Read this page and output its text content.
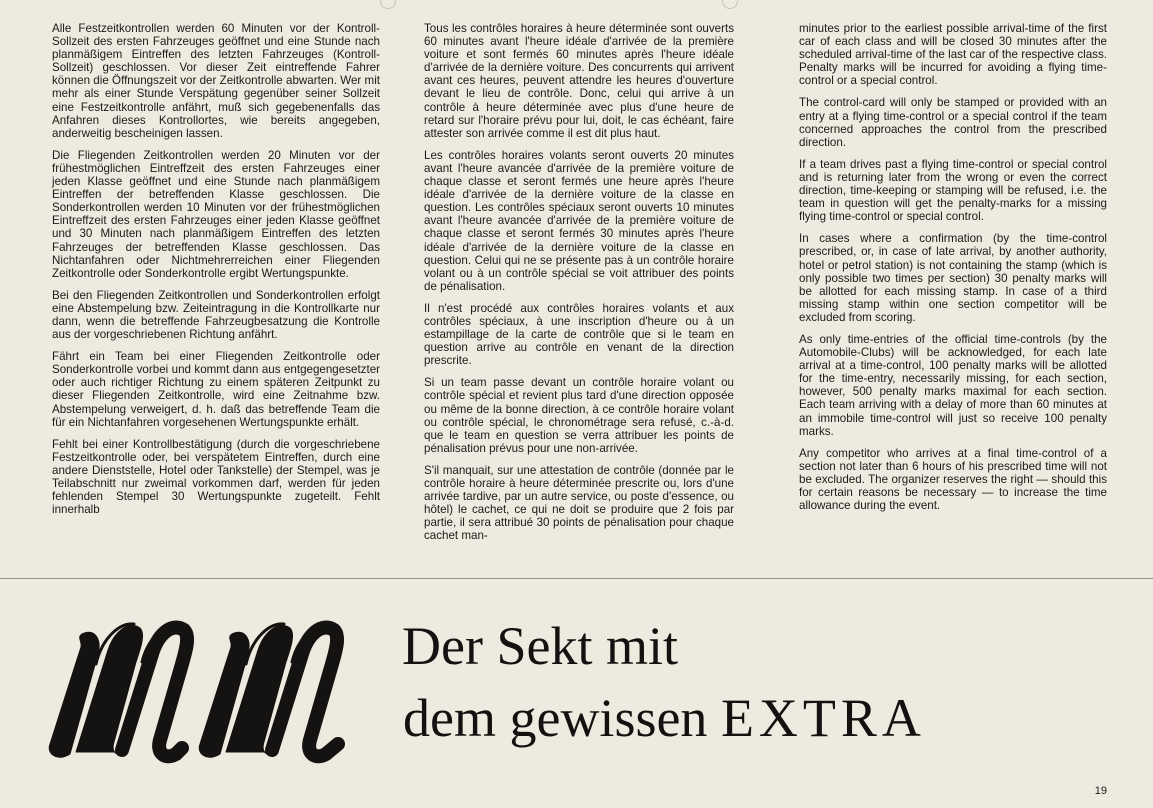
Alle Festzeitkontrollen werden 60 Minuten vor der Kontroll-Sollzeit des ersten Fahrzeuges geöffnet und eine Stunde nach planmäßigem Eintreffen des letzten Fahrzeuges (Kontroll-Sollzeit) geschlossen. Vor dieser Zeit eintreffende Fahrer können die Öffnungszeit vor der Zeitkontrolle abwarten. Wer mit mehr als einer Stunde Verspätung gegenüber seiner Sollzeit eine Festzeitkontrolle anfährt, muß sich gegebenenfalls das Anfahren dieses Kontrollortes, wie bereits angegeben, anderweitig bescheinigen lassen.

Die Fliegenden Zeitkontrollen werden 20 Minuten vor der frühestmöglichen Eintreffzeit des ersten Fahrzeuges einer jeden Klasse geöffnet und eine Stunde nach planmäßigem Eintreffen der betreffenden Klasse geschlossen. Die Sonderkontrollen werden 10 Minuten vor der frühestmöglichen Eintreffzeit des ersten Fahrzeuges einer jeden Klasse geöffnet und 30 Minuten nach planmäßigem Eintreffen des letzten Fahrzeuges der betreffenden Klasse geschlossen. Das Nichtanfahren oder Nichtmehrerreichen einer Fliegenden Zeitkontrolle oder Sonderkontrolle ergibt Wertungspunkte.

Bei den Fliegenden Zeitkontrollen und Sonderkontrollen erfolgt eine Abstempelung bzw. Zeiteintragung in die Kontrollkarte nur dann, wenn die betreffende Fahrzeugbesatzung die Kontrolle aus der vorgeschriebenen Richtung anfährt.

Fährt ein Team bei einer Fliegenden Zeitkontrolle oder Sonderkontrolle vorbei und kommt dann aus entgegengesetzter oder auch richtiger Richtung zu einem späteren Zeitpunkt zu dieser Fliegenden Zeitkontrolle, wird eine Zeitnahme bzw. Abstempelung verweigert, d. h. daß das betreffende Team die für ein Nichtanfahren vorgesehenen Wertungspunkte erhält.

Fehlt bei einer Kontrollbestätigung (durch die vorgeschriebene Festzeitkontrolle oder, bei verspätetem Eintreffen, durch eine andere Dienststelle, Hotel oder Tankstelle) der Stempel, was je Teilabschnitt nur zweimal vorkommen darf, werden für jeden fehlenden Stempel 30 Wertungspunkte zugeteilt. Fehlt innerhalb

Tous les contrôles horaires à heure déterminée sont ouverts 60 minutes avant l'heure idéale d'arrivée de la première voiture et sont fermés 60 minutes après l'heure idéale d'arrivée de la dernière voiture. Des concurrents qui arrivent avant ces heures, peuvent attendre les heures d'ouverture devant le lieu de contrôle. Donc, celui qui arrive à un contrôle à heure déterminée avec plus d'une heure de retard sur l'horaire prévu pour lui, doit, le cas échéant, faire attester son arrivée comme il est dit plus haut.

Les contrôles horaires volants seront ouverts 20 minutes avant l'heure avancée d'arrivée de la première voiture de chaque classe et seront fermés une heure après l'heure idéale d'arrivée de la dernière voiture de la classe en question. Les contrôles spéciaux seront ouverts 10 minutes avant l'heure avancée d'arrivée de la première voiture de chaque classe et seront fermés 30 minutes après l'heure idéale d'arrivée de la dernière voiture de la classe en question. Celui qui ne se présente pas à un contrôle horaire volant ou à un contrôle spécial se voit attribuer des points de pénalisation.

Il n'est procédé aux contrôles horaires volants et aux contrôles spéciaux, à une inscription d'heure ou à un estampillage de la carte de contrôle que si le team en question arrive au contrôle en venant de la direction prescrite.

Si un team passe devant un contrôle horaire volant ou contrôle spécial et revient plus tard d'une direction opposée ou même de la bonne direction, à ce contrôle horaire volant ou contrôle spécial, le chronométrage sera refusé, c.-à-d. que le team en question se verra attribuer les points de pénalisation prévus pour une non-arrivée.

S'il manquait, sur une attestation de contrôle (donnée par le contrôle horaire à heure déterminée prescrite ou, lors d'une arrivée tardive, par un autre service, ou poste d'essence, ou hôtel) le cachet, ce qui ne doit se produire que 2 fois par partie, il sera attribué 30 points de pénalisation pour chaque cachet man-

minutes prior to the earliest possible arrival-time of the first car of each class and will be closed 30 minutes after the scheduled arrival-time of the last car of the respective class. Penalty marks will be incurred for avoiding a flying time-control or a special control.

The control-card will only be stamped or provided with an entry at a flying time-control or a special control if the team concerned approaches the control from the prescribed direction.

If a team drives past a flying time-control or special control and is returning later from the wrong or even the correct direction, time-keeping or stamping will be refused, i.e. the team in question will get the penalty-marks for a missing flying time-control or special control.

In cases where a confirmation (by the time-control prescribed, or, in case of late arrival, by another authority, hotel or petrol station) is not containing the stamp (which is only possible two times per section) 30 penalty marks will be allotted for each missing stamp. In case of a third missing stamp within one section competitor will be excluded from scoring.

As only time-entries of the official time-controls (by the Automobile-Clubs) will be acknowledged, for each late arrival at a time-control, 100 penalty marks will be allotted for the time-entry, necessarily missing, for each section, however, 500 penalty marks maximal for each section. Each team arriving with a delay of more than 60 minutes at an immobile time-control will just so receive 100 penalty marks.

Any competitor who arrives at a final time-control of a section not later than 6 hours of his prescribed time will not be excluded. The organizer reserves the right — should this for certain reasons be necessary — to increase the time allowance during the event.

Der Sekt mit
dem gewissen EXTRA
19
